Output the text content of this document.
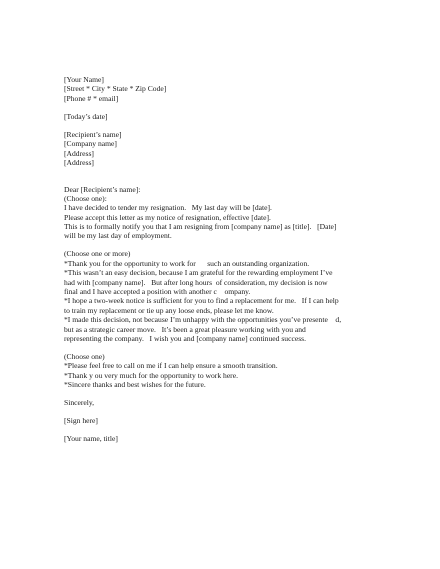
[Your Name]
[Street * City * State * Zip Code]
[Phone # * email]
[Today’s date]
[Recipient’s name]
[Company name]
[Address]
[Address]
Dear [Recipient’s name]:
(Choose one):
I have decided to tender my resignation.   My last day will be [date].
Please accept this letter as my notice of resignation, effective [date].
This is to formally notify you that I am resigning from [company name] as [title].   [Date]
will be my last day of employment.
(Choose one or more)
*Thank you for the opportunity to work for      such an outstanding organization.
*This wasn’t an easy decision, because I am grateful for the rewarding employment I’ve
had with [company name].   But after long hours  of consideration, my decision is now
final and I have accepted a position with another c    ompany.
*I hope a two-week notice is sufficient for you to find a replacement for me.   If I can help
to train my replacement or tie up any loose ends, please let me know.
*I made this decision, not because I’m unhappy with the opportunities you’ve presente    d,
but as a strategic career move.   It’s been a great pleasure working with you and
representing the company.   I wish you and [company name] continued success.
(Choose one)
*Please feel free to call on me if I can help ensure a smooth transition.
*Thank y ou very much for the opportunity to work here.
*Sincere thanks and best wishes for the future.
Sincerely,
[Sign here]
[Your name, title]
